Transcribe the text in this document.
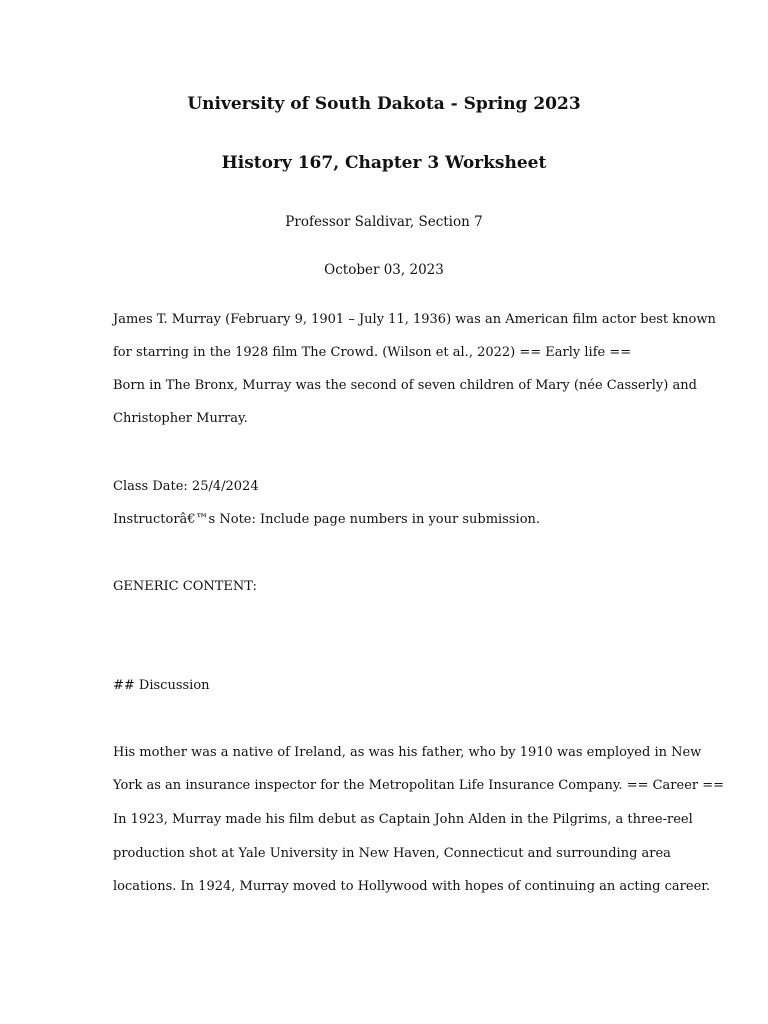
University of South Dakota - Spring 2023
History 167, Chapter 3 Worksheet
Professor Saldivar, Section 7
October 03, 2023
James T. Murray (February 9, 1901 – July 11, 1936) was an American film actor best known
for starring in the 1928 film The Crowd. (Wilson et al., 2022) == Early life ==
Born in The Bronx, Murray was the second of seven children of Mary (née Casserly) and
Christopher Murray.
Class Date: 25/4/2024
Instructorâ€™s Note: Include page numbers in your submission.
GENERIC CONTENT:
## Discussion
His mother was a native of Ireland, as was his father, who by 1910 was employed in New
York as an insurance inspector for the Metropolitan Life Insurance Company. == Career ==
In 1923, Murray made his film debut as Captain John Alden in the Pilgrims, a three-reel
production shot at Yale University in New Haven, Connecticut and surrounding area
locations. In 1924, Murray moved to Hollywood with hopes of continuing an acting career.
